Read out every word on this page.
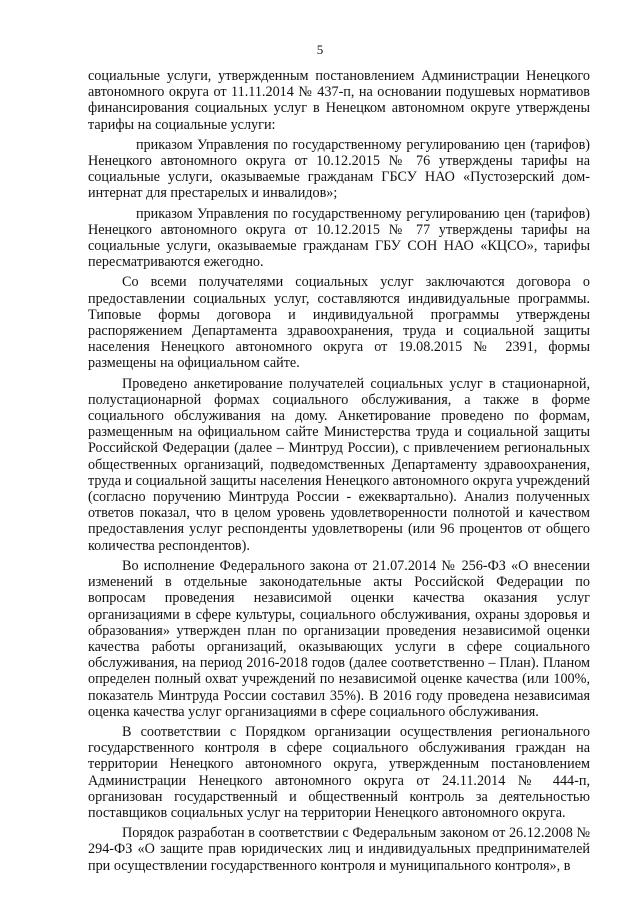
5

социальные услуги, утвержденным постановлением Администрации Ненецкого автономного округа от 11.11.2014 № 437-п, на основании подушевых нормативов финансирования социальных услуг в Ненецком автономном округе утверждены тарифы на социальные услуги:

приказом Управления по государственному регулированию цен (тарифов) Ненецкого автономного округа от 10.12.2015 № 76 утверждены тарифы на социальные услуги, оказываемые гражданам ГБСУ НАО «Пустозерский дом-интернат для престарелых и инвалидов»;

приказом Управления по государственному регулированию цен (тарифов) Ненецкого автономного округа от 10.12.2015 № 77 утверждены тарифы на социальные услуги, оказываемые гражданам ГБУ СОН НАО «КЦСО», тарифы пересматриваются ежегодно.

Со всеми получателями социальных услуг заключаются договора о предоставлении социальных услуг, составляются индивидуальные программы. Типовые формы договора и индивидуальной программы утверждены распоряжением Департамента здравоохранения, труда и социальной защиты населения Ненецкого автономного округа от 19.08.2015 № 2391, формы размещены на официальном сайте.

Проведено анкетирование получателей социальных услуг в стационарной, полустационарной формах социального обслуживания, а также в форме социального обслуживания на дому. Анкетирование проведено по формам, размещенным на официальном сайте Министерства труда и социальной защиты Российской Федерации (далее – Минтруд России), с привлечением региональных общественных организаций, подведомственных Департаменту здравоохранения, труда и социальной защиты населения Ненецкого автономного округа учреждений (согласно поручению Минтруда России - ежеквартально). Анализ полученных ответов показал, что в целом уровень удовлетворенности полнотой и качеством предоставления услуг респонденты удовлетворены (или 96 процентов от общего количества респондентов).

Во исполнение Федерального закона от 21.07.2014 № 256-ФЗ «О внесении изменений в отдельные законодательные акты Российской Федерации по вопросам проведения независимой оценки качества оказания услуг организациями в сфере культуры, социального обслуживания, охраны здоровья и образования» утвержден план по организации проведения независимой оценки качества работы организаций, оказывающих услуги в сфере социального обслуживания, на период 2016-2018 годов (далее соответственно – План). Планом определен полный охват учреждений по независимой оценке качества (или 100%, показатель Минтруда России составил 35%). В 2016 году проведена независимая оценка качества услуг организациями в сфере социального обслуживания.

В соответствии с Порядком организации осуществления регионального государственного контроля в сфере социального обслуживания граждан на территории Ненецкого автономного округа, утвержденным постановлением Администрации Ненецкого автономного округа от 24.11.2014 № 444-п, организован государственный и общественный контроль за деятельностью поставщиков социальных услуг на территории Ненецкого автономного округа.

Порядок разработан в соответствии с Федеральным законом от 26.12.2008 № 294-ФЗ «О защите прав юридических лиц и индивидуальных предпринимателей при осуществлении государственного контроля и муниципального контроля», в
